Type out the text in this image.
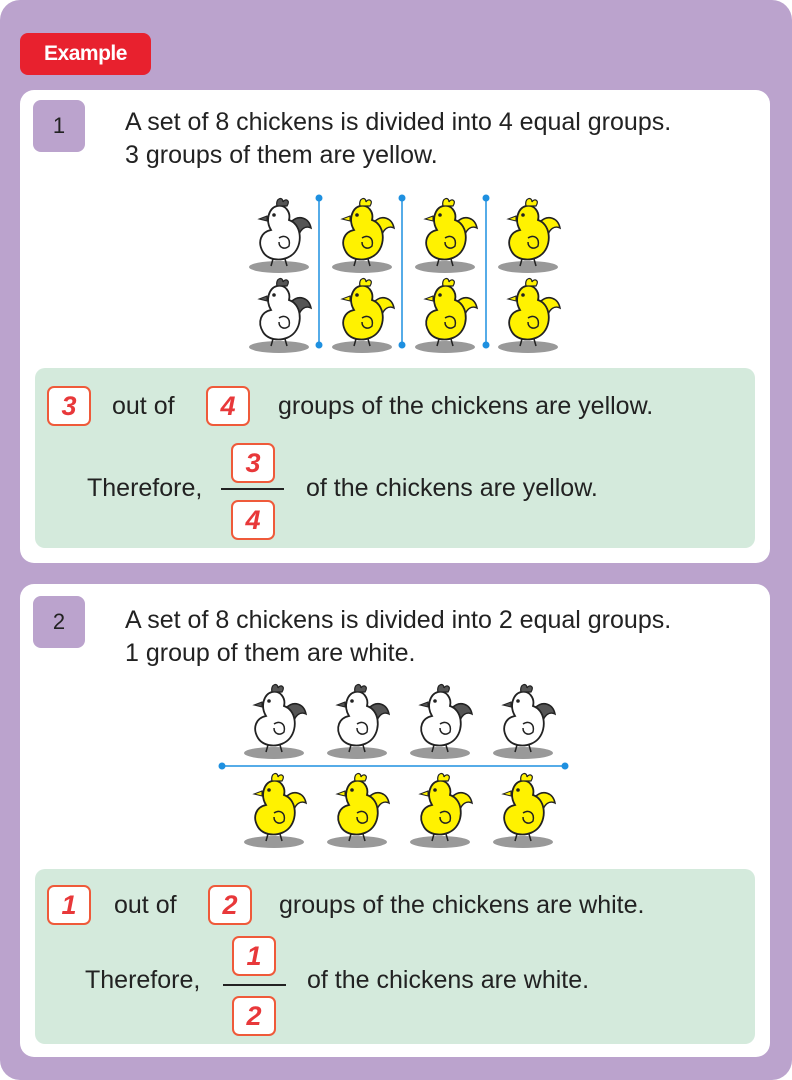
Example
1	A set of 8 chickens is divided into 4 equal groups.
3 groups of them are yellow.
3	out of	4	groups of the chickens are yellow.
Therefore,
3
4
of the chickens are yellow.
2	A set of 8 chickens is divided into 2 equal groups.
1 group of them are white.
1	out of	2	groups of the chickens are white.
Therefore,
1
2
of the chickens are white.
